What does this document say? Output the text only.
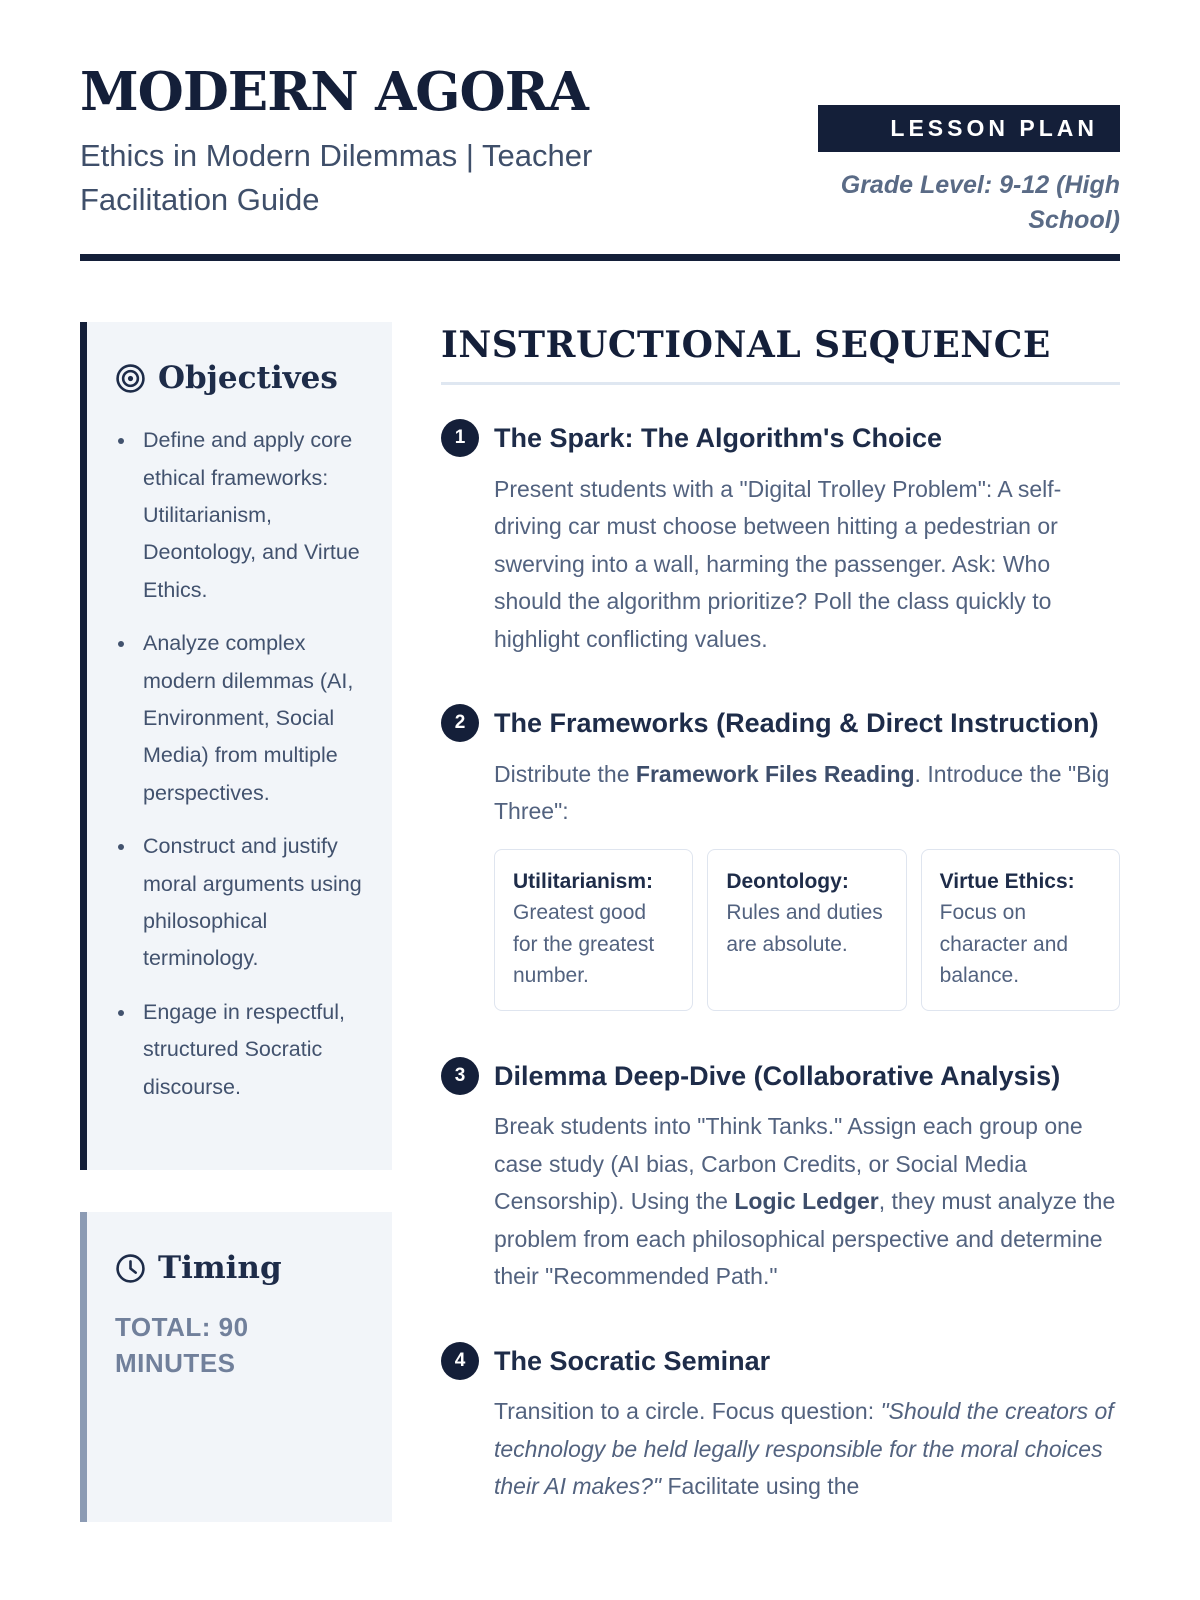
MODERN AGORA
Ethics in Modern Dilemmas | Teacher Facilitation Guide
LESSON PLAN
Grade Level: 9-12 (High School)
Objectives
• Define and apply core ethical frameworks: Utilitarianism, Deontology, and Virtue Ethics.
• Analyze complex modern dilemmas (AI, Environment, Social Media) from multiple perspectives.
• Construct and justify moral arguments using philosophical terminology.
• Engage in respectful, structured Socratic discourse.
Timing
TOTAL: 90 MINUTES
INSTRUCTIONAL SEQUENCE
1	The Spark: The Algorithm's Choice

Present students with a "Digital Trolley Problem": A self-driving car must choose between hitting a pedestrian or swerving into a wall, harming the passenger. Ask: Who should the algorithm prioritize? Poll the class quickly to highlight conflicting values.

2	The Frameworks (Reading & Direct Instruction)

Distribute the Framework Files Reading. Introduce the "Big Three":

Utilitarianism:
Greatest good for the greatest number.
Deontology:
Rules and duties are absolute.
Virtue Ethics:
Focus on character and balance.
3	Dilemma Deep-Dive (Collaborative Analysis)

Break students into "Think Tanks." Assign each group one case study (AI bias, Carbon Credits, or Social Media Censorship). Using the Logic Ledger, they must analyze the problem from each philosophical perspective and determine their "Recommended Path."

4	The Socratic Seminar

Transition to a circle. Focus question: "Should the creators of technology be held legally responsible for the moral choices their AI makes?" Facilitate using the
